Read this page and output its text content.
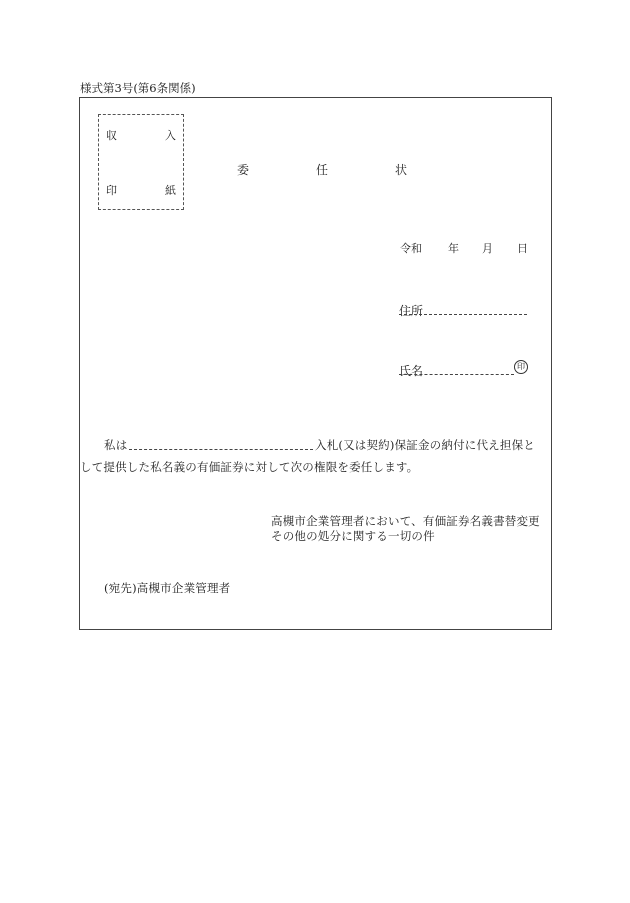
様式第3号(第6条関係)
収	入
印	紙
委	任	状
令和 年 月 日
住所
氏名	印
私は	入札(又は契約)保証金の納付に代え担保と
して提供した私名義の有価証券に対して次の権限を委任します。
高槻市企業管理者において、有価証券名義書替変更
その他の処分に関する一切の件
(宛先)高槻市企業管理者
